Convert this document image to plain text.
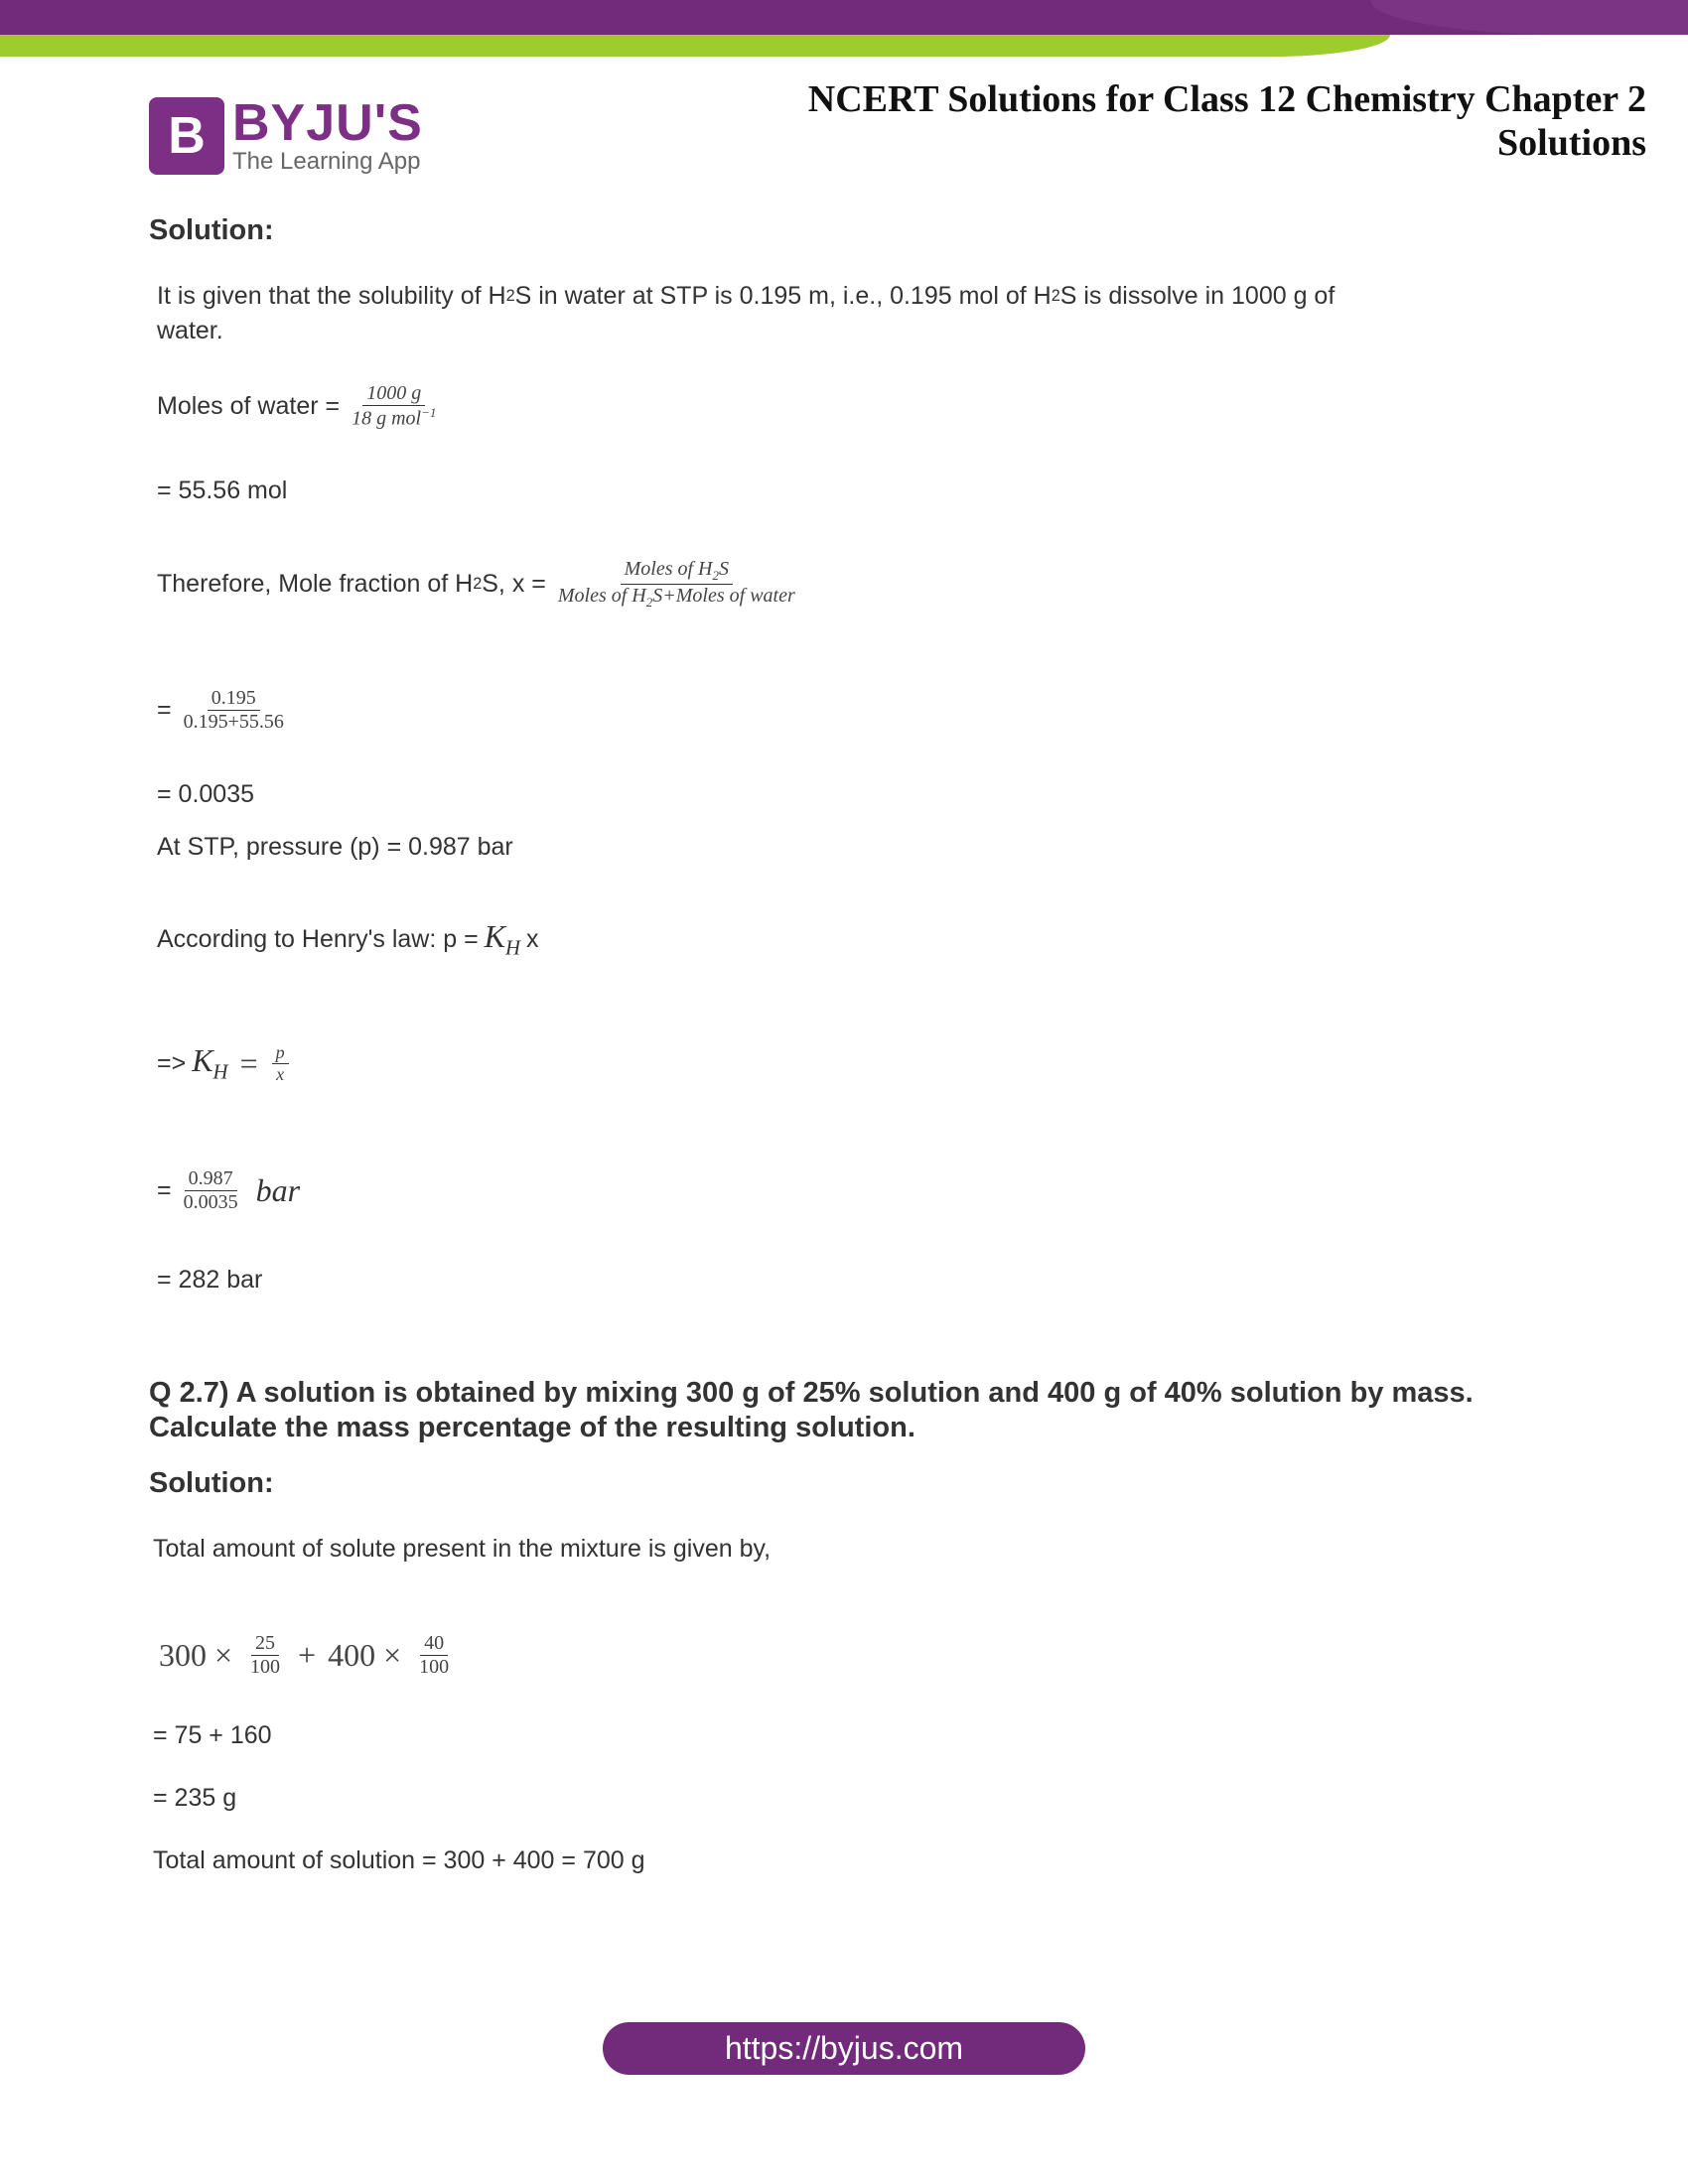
B BYJU'S
The Learning App
NCERT Solutions for Class 12 Chemistry Chapter 2
Solutions
Solution:
It is given that the solubility of H 2 S in water at STP is 0.195 m, i.e., 0.195 mol of H 2 S is dissolve in 1000 g of
water.
Moles of water = $\frac{1000 g}{18 g mol^{-1}}$
= 55.56 mol
Therefore, Mole fraction of H 2 S, $x = \frac{Moles of H_2S}{Moles of H_2S+Moles of water}$
= $\frac{0.195}{0.195+55.56}$
= 0.0035
At STP, pressure (p) = 0.987 bar
According to Henry's law: $p = K_H$ x
=> $K_H = \frac{p}{x}$
= $\frac{0.987}{0.0035}$ bar
= 282 bar
Q 2.7) A solution is obtained by mixing 300 g of 25% solution and 400 g of 40% solution by mass. Calculate the mass percentage of the resulting solution.
Solution:
Total amount of solute present in the mixture is given by,
$300 \times \frac{25}{100} + 400 \times \frac{40}{100}$
= 75 + 160
= 235 g
Total amount of solution = 300 + 400 = 700 g
https://byjus.com
